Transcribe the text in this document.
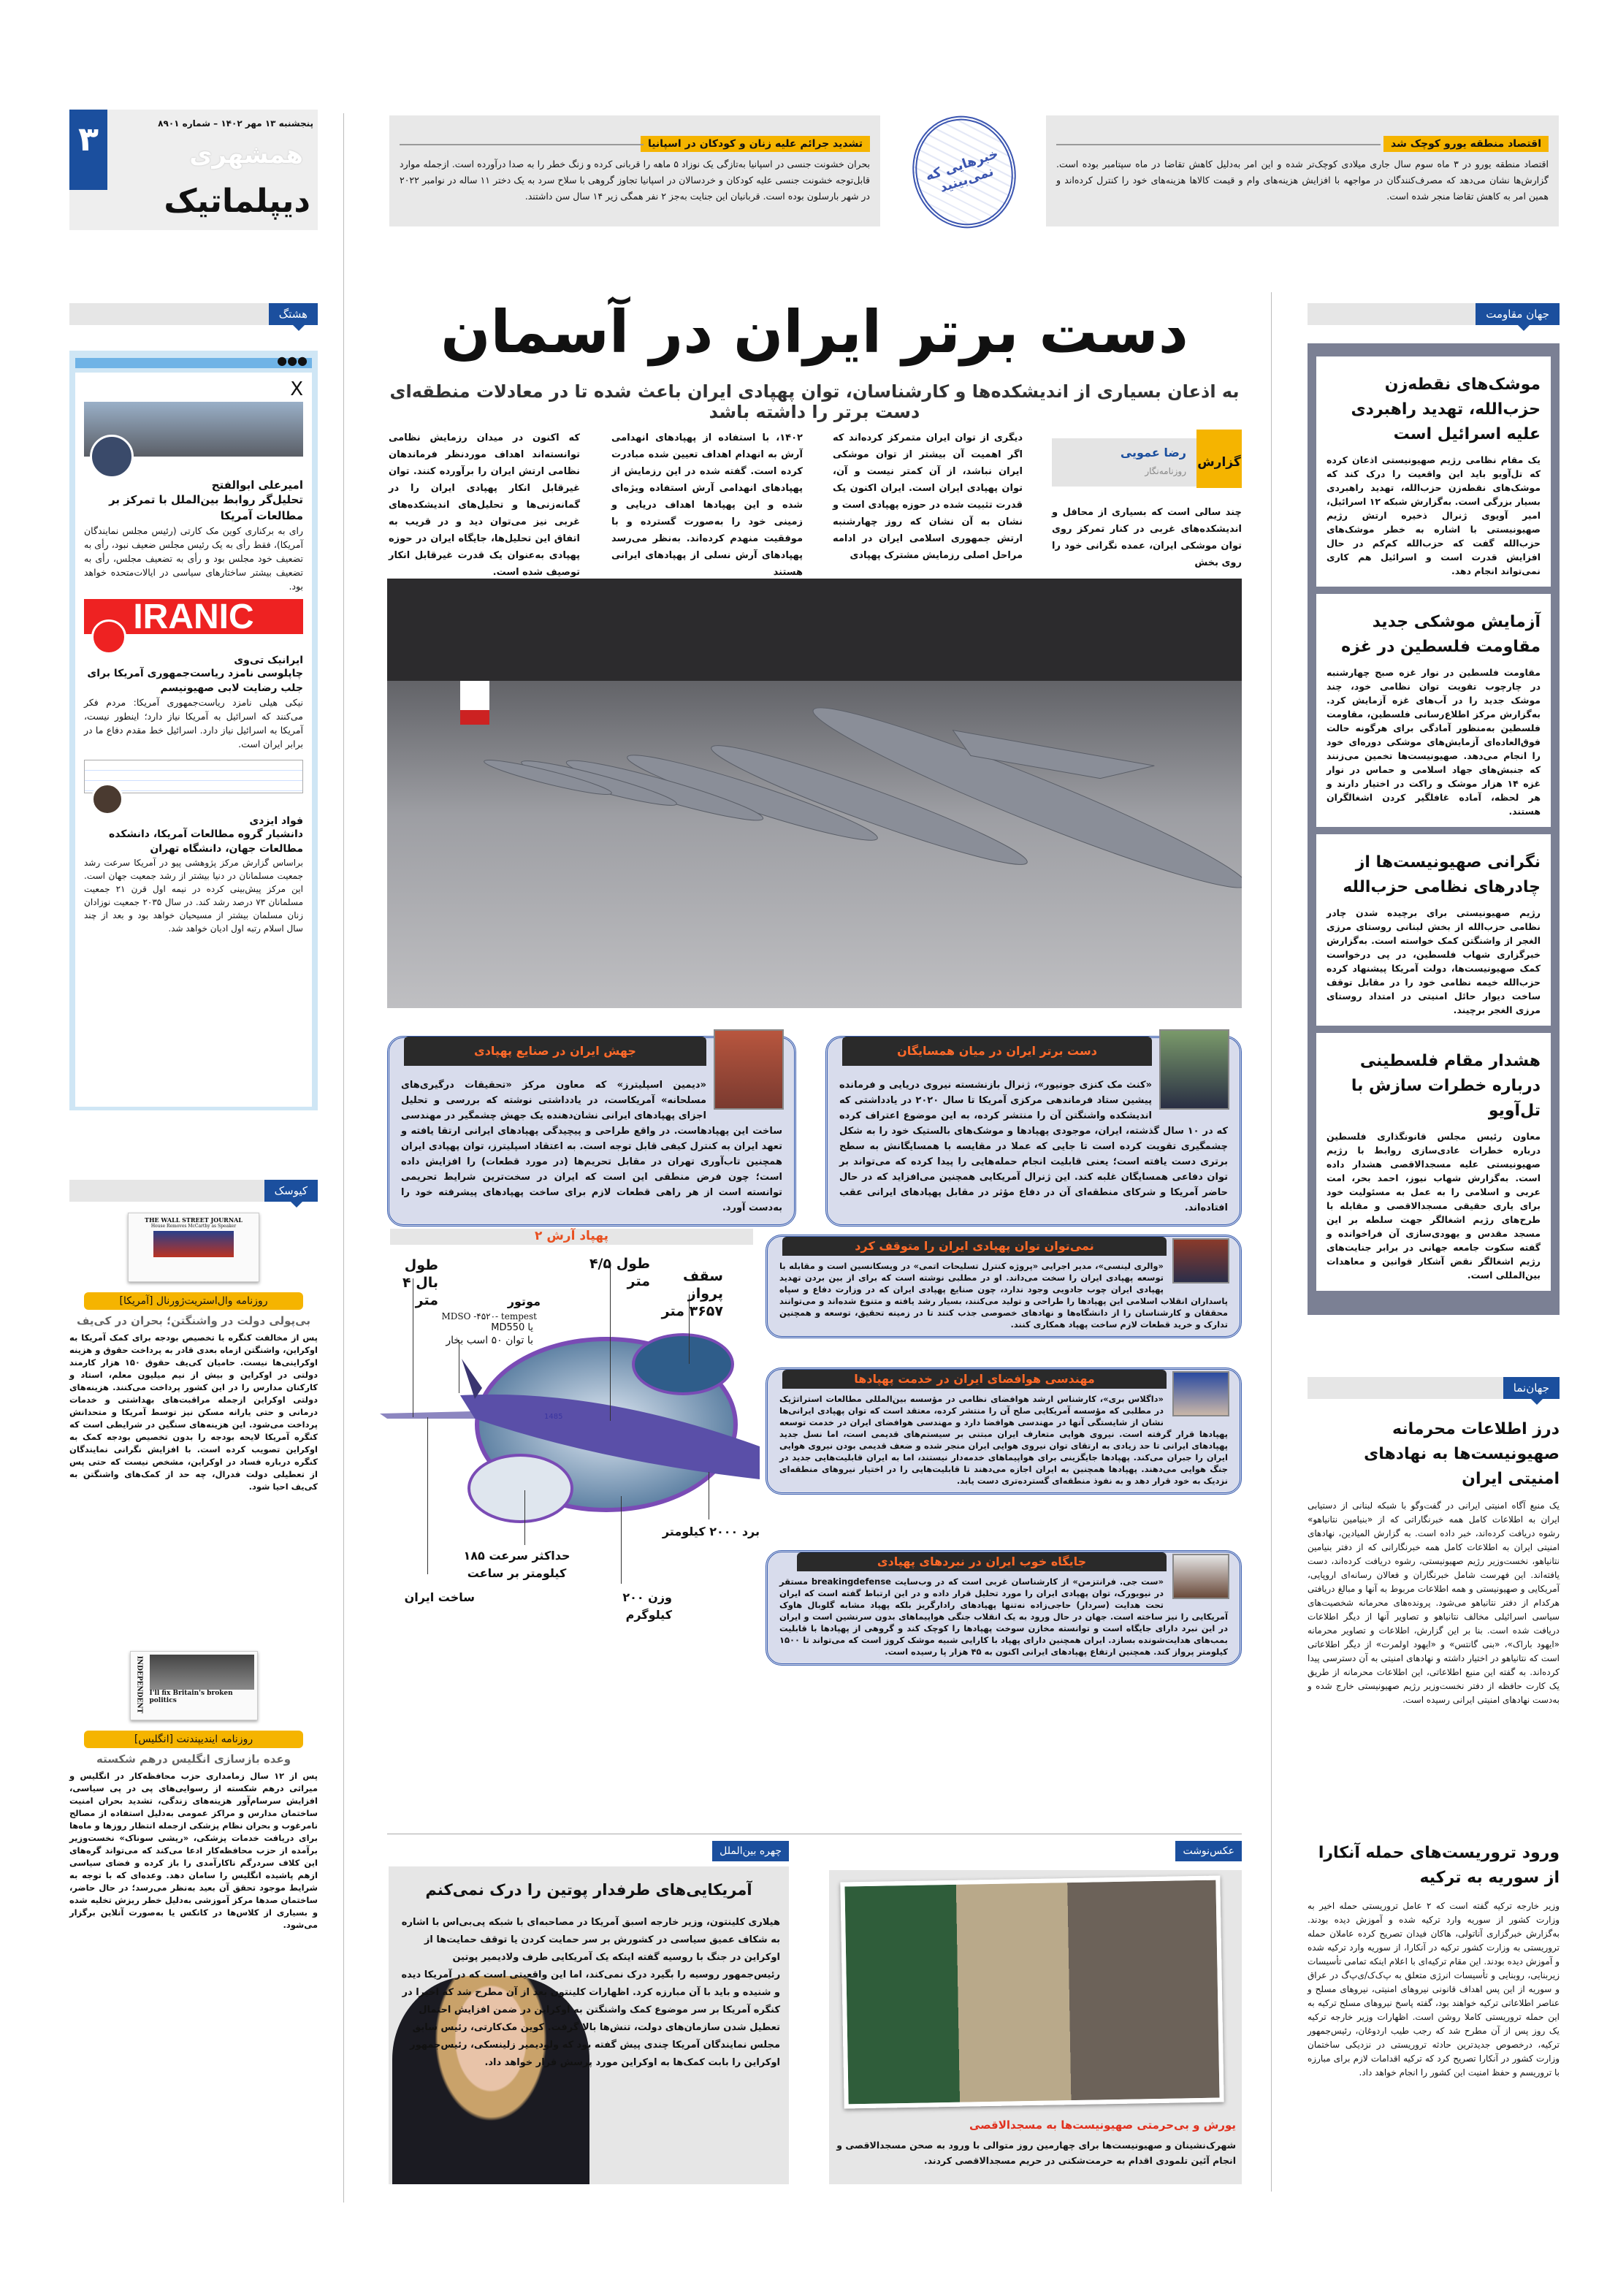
۳	پنجشنبه ۱۳ مهر ۱۴۰۲ – شماره ۸۹۰۱
همشهری
دیپلماتیک
اقتصاد منطقه یورو کوچک شد

اقتصاد منطقه یورو در ۳ ماه سوم سال جاری میلادی کوچک‌تر شده و این امر به‌دلیل کاهش تقاضا در ماه سپتامبر بوده است. گزارش‌ها نشان می‌دهد که مصرف‌کنندگان در مواجهه با افزایش هزینه‌های وام و قیمت کالاها هزینه‌های خود را کنترل کرده‌اند و همین امر به کاهش تقاضا منجر شده است.

خبرهایی که نمی‌بینید
تشدید جرائم علیه زنان و کودکان در اسپانیا

بحران خشونت جنسی در اسپانیا به‌تازگی یک نوزاد ۵ ماهه را قربانی کرده و زنگ خطر را به صدا درآورده است. ازجمله موارد قابل‌توجه خشونت جنسی علیه کودکان و خردسالان در اسپانیا تجاوز گروهی با سلاح سرد به یک دختر ۱۱ ساله در نوامبر ۲۰۲۲ در شهر بارسلون بوده است. قربانیان این جنایت به‌جز ۲ نفر همگی زیر ۱۴ سال سن داشتند.

دست برتر ایران در آسمان
به اذعان بسیاری از اندیشکده‌ها و کارشناسان، توان پهپادی ایران باعث شده تا در معادلات منطقه‌ای دست برتر را داشته باشد
گزارش
رضا عمویی
روزنامه‌نگار

چند سالی است که بسیاری از محافل و اندیشکده‌های غربی در کنار تمرکز روی توان موشکی ایران، عمده نگرانی خود را روی بخش

دیگری از توان ایران متمرکز کرده‌اند که اگر اهمیت آن بیشتر از توان موشکی ایران نباشد، از آن کمتر نیست و آن، توان پهپادی ایران است. ایران اکنون یک قدرت تثبیت شده در حوزه پهپادی است و نشان به آن نشان که روز چهارشنبه ارتش جمهوری اسلامی ایران در ادامه مراحل اصلی رزمایش مشترک پهپادی

۱۴۰۲، با استفاده از پهپادهای انهدامی آرش به انهدام اهداف تعیین شده مبادرت کرده است. گفته شده در این رزمایش از پهپادهای انهدامی آرش استفاده ویژه‌ای شده و این پهپادها اهداف دریایی و زمینی خود را به‌صورت گسترده و با موفقیت منهدم کرده‌اند. به‌نظر می‌رسد پهپادهای آرش نسلی از پهپادهای ایرانی هستند

که اکنون در میدان رزمایش نظامی توانسته‌اند اهداف موردنظر فرماندهان نظامی ارتش ایران را برآورده کنند. توان غیرقابل انکار پهپادی ایران را در گمانه‌زنی‌ها و تحلیل‌های اندیشکده‌های غربی نیز می‌توان دید و در قریب به اتفاق این تحلیل‌ها، جایگاه ایران در حوزه پهپادی به‌عنوان یک قدرت غیرقابل انکار توصیف شده است.

دست برتر ایران در میان همسایگان

«کنث مک کنزی جونیور»، ژنرال بازنشسته نیروی دریایی و فرمانده پیشین ستاد فرماندهی مرکزی آمریکا تا سال ۲۰۲۰ در یادداشتی که اندیشکده واشنگتن آن را منتشر کرده، به این موضوع اعتراف کرده که در ۱۰ سال گذشته، ایران، موجودی پهپادها و موشک‌های بالستیک خود را به شکل چشمگیری تقویت کرده است تا جایی که عملا در مقایسه با همسایگانش به سطح برتری دست یافته است؛ یعنی قابلیت انجام حمله‌هایی را پیدا کرده که می‌تواند بر توان دفاعی همسایگان غلبه کند. این ژنرال آمریکایی همچنین می‌افزاید که در حال حاضر آمریکا و شرکای منطقه‌ای آن در دفاع مؤثر در مقابل پهپادهای ایرانی عقب افتاده‌اند.

جهش ایران در صنایع پهپادی

«دیمین اسپلیترز» که معاون مرکز «تحقیقات درگیری‌های مسلحانه» آمریکاست، در یادداشتی نوشته که بررسی و تحلیل اجزای پهپادهای ایرانی نشان‌دهنده یک جهش چشمگیر در مهندسی ساخت این پهپادهاست. در واقع طراحی و پیچیدگی پهپادهای ایرانی ارتقا یافته و تعهد ایران به کنترل کیفی قابل توجه است. به اعتقاد اسپلیترز، توان پهپادی ایران همچنین تاب‌آوری تهران در مقابل تحریم‌ها (در مورد قطعات) را افزایش داده است؛ چون فرض منطقی این است که ایران در سخت‌ترین شرایط تحریمی توانسته است از هر راهی قطعات لازم برای ساخت پهپادهای پیشرفته خود را به‌دست آورد.

پهپاد آرش ۲
1485
طول بال ۴ متر
طول ۴/۵ متر	سقف پرواز ۳۶۵۷ متر
موتور
MDSO -۴۵۲۰- tempest
یا MD550
با توان ۵۰ اسب بخار
برد ۲۰۰۰ کیلومتر
حداکثر سرعت ۱۸۵ کیلومتر بر ساعت
وزن ۲۰۰ کیلوگرم
ساخت ایران
نمی‌توان توان پهپادی ایران را متوقف کرد

«والری لینسی»، مدیر اجرایی «پروژه کنترل تسلیحات اتمی» در ویسکانسین است و مقابله با توسعه پهپادی ایران را سخت می‌داند. او در مطلبی نوشته است که برای از بین بردن تهدید پهپادی ایران چوب جادویی وجود ندارد، چون صنایع پهپادی ایران که در وزارت دفاع و سپاه پاسداران انقلاب اسلامی این پهپادها را طراحی و تولید می‌کنند، بسیار رشد یافته و متنوع شده‌اند و می‌توانند محققان و کارشناسان را از دانشگاه‌ها و نهادهای خصوصی جذب کنند تا در زمینه تحقیق، توسعه و همچنین تدارک و خرید قطعات لازم ساخت پهپاد همکاری کنند.

مهندسی هوافضای ایران در خدمت پهپادها

«داگلاس بری»، کارشناس ارشد هوافضای نظامی در مؤسسه بین‌المللی مطالعات استراتژیک در مطلبی که مؤسسه آمریکایی صلح آن را منتشر کرده، معتقد است که توان پهپادی ایرانی‌ها نشان از شایستگی آنها در مهندسی هوافضا دارد و مهندسی هوافضای ایران در خدمت توسعه پهپادها قرار گرفته است. نیروی هوایی متعارف ایران مبتنی بر سیستم‌های قدیمی است، اما نسل جدید پهپادهای ایرانی تا حد زیادی به ارتقای توان نیروی هوایی ایران منجر شده و ضعف قدیمی بودن نیروی هوایی ایران را جبران می‌کند. پهپادها جایگزینی برای هواپیماهای خدمه‌دار نیستند، اما به ایران قابلیت‌هایی جدید در جنگ هوایی می‌دهند. پهپادها همچنین به ایران اجازه می‌دهند تا قابلیت‌هایی را در اختیار نیروهای منطقه‌ای نزدیک به خود قرار دهد و به نفوذ منطقه‌ای گسترده‌تری دست یابد.

جایگاه خوب ایران در نبردهای پهپادی

«ست جی. فرانتزمن» از کارشناسان غربی است که در وب‌سایت breakingdefense مستقر در نیویورک، توان پهپادی ایران را مورد تحلیل قرار داده و در این ارتباط گفته است که ایران تحت هدایت (سردار) حاجی‌زاده نه‌تنها پهپادهای رادارگریز بلکه پهپاد مشابه گلوبال هاوک آمریکایی را نیز ساخته است. جهان در حال ورود به یک انقلاب جنگی هواپیماهای بدون سرنشین است و ایران در این نبرد دارای جایگاه است و توانسته مخازن سوخت پهپادها را کوچک کند و گروهی از پهپادها با قابلیت بمب‌های هدایت‌شونده بسازد. ایران همچنین دارای پهپاد با کارایی شبیه موشک کروز است که می‌تواند تا ۱۵۰۰ کیلومتر پرواز کند. همچنین ارتفاع پهپادهای ایرانی اکنون به ۴۵ هزار پا رسیده است.

چهره بین‌الملل
آمریکایی‌های طرفدار پوتین را درک نمی‌کنم

هیلاری کلینتون، وزیر خارجه اسبق آمریکا در مصاحبه‌ای با شبکه پی‌بی‌اس با اشاره به شکاف عمیق سیاسی در کشورش بر سر حمایت کردن یا توقف حمایت‌ها از اوکراین در جنگ با روسیه گفته اینکه یک آمریکایی طرف ولادیمیر پوتین رئیس‌جمهور روسیه را بگیرد درک نمی‌کند، اما این واقعیتی است که در آمریکا دیده و شنیده و باید با آن مبارزه کرد. اظهارات کلینتون بعد از آن مطرح شد که اخیرا در کنگره آمریکا بر سر موضوع کمک واشنگتن به اوکراین در ضمن افزایش احتمال تعطیل شدن سازمان‌های دولت، تنش‌ها بالا گرفت. کوین مک‌کارتی، رئیس سابق مجلس نمایندگان آمریکا چندی پیش گفته بود که ولودیمیر زلینسکی، رئیس‌جمهور اوکراین را بابت کمک‌ها به اوکراین مورد پرسش قرار خواهد داد.

عکس‌نوشت
یورش و بی‌حرمتی صهیونیست‌ها به مسجدالاقصی

شهرک‌نشینان و صهیونیست‌ها برای چهارمین روز متوالی با ورود به صحن مسجدالاقصی و انجام آئین تلمودی اقدام به حرمت‌شکنی در حریم مسجدالاقصی کردند.

هشتگ
●●●
X
امیرعلی ابوالفتح
تحلیل‌گر روابط بین‌الملل با تمرکز بر مطالعات آمریکا

رای به برکناری کوین مک کارتی (رئیس مجلس نمایندگان آمریکا)، فقط رأی به یک رئیس مجلس ضعیف نبود، رأی به تضعیف خود مجلس بود و رأی به تضعیف مجلس، رأی به تضعیف بیشتر ساختارهای سیاسی در ایالات‌متحده خواهد بود.

IRANIC
ایرانیک تی‌وی
چاپلوسی نامزد ریاست‌جمهوری آمریکا برای جلب رضایت لابی صهیونیسم

نیکی هیلی نامزد ریاست‌جمهوری آمریکا: مردم فکر می‌کنند که اسرائیل به آمریکا نیاز دارد؛ اینطور نیست، آمریکا به اسرائیل نیاز دارد. اسرائیل خط مقدم دفاع ما در برابر ایران است.

فواد ایزدی
دانشیار گروه مطالعات آمریکا، دانشکده مطالعات جهان، دانشگاه تهران

براساس گزارش مرکز پژوهشی پیو در آمریکا سرعت رشد جمعیت مسلمانان در دنیا بیشتر از رشد جمعیت جهان است. این مرکز پیش‌بینی کرده در نیمه اول قرن ۲۱ جمعیت مسلمانان ۷۳ درصد رشد کند. در سال ۲۰۳۵ جمعیت نوزادان زنان مسلمان بیشتر از مسیحیان خواهد بود و بعد از چند سال اسلام رتبه اول ادیان خواهد شد.

کیوسک
THE WALL STREET JOURNAL
House Removes McCarthy as Speaker
روزنامه وال‌استریت‌ژورنال [آمریکا]
بی‌پولی دولت در واشنگتن؛ بحران در کی‌یف

پس از مخالفت کنگره با تخصیص بودجه برای کمک آمریکا به اوکراین، واشنگتن ازماه بعدی قادر به پرداخت حقوق و هزینه اوکراینی‌ها نیست. حامیان کی‌یف حقوق ۱۵۰ هزار کارمند دولتی در اوکراین و بیش از نیم میلیون معلم، استاد و کارکنان مدارس را در این کشور پرداخت می‌کنند. هزینه‌های دولتی اوکراین ازجمله مراقبت‌های بهداشتی و خدمات درمانی و حتی یارانه مسکن نیز توسط آمریکا و متحدانش پرداخت می‌شود. این هزینه‌های سنگین در شرایطی است که کنگره آمریکا لایحه بودجه را بدون تخصیص بودجه کمک به اوکراین تصویب کرده است. با افزایش نگرانی نمایندگان کنگره درباره فساد در اوکراین، مشخص نیست که حتی پس از تعطیلی دولت فدرال، چه حد از کمک‌های واشنگتن به کی‌یف احیا شود.

INDEPENDENT I'll fix Britain's broken politics
روزنامه ایندیپندنت [انگلیس]
وعده بازسازی انگلیس درهم شکسته

پس از ۱۲ سال زمامداری حزب محافظه‌کار در انگلیس و میراثی درهم شکسته از رسوایی‌های پی در پی سیاسی، افزایش سرسام‌آور هزینه‌های زندگی، تشدید بحران امنیت ساختمان مدارس و مراکز عمومی به‌دلیل استفاده از مصالح نامرغوب و بحران نظام پزشکی ازجمله انتظار روزها و ماه‌ها برای دریافت خدمات پزشکی، «ریشی سوناک» نخست‌وزیر برآمده از حزب محافظه‌کار ادعا می‌کند که می‌تواند گره‌های این کلاف سردرگم ناکارآمدی را باز کرده و فضای سیاسی ازهم پاشیده انگلیس را سامان دهد. وعده‌ای که با توجه به شرایط موجود تحقق آن بعید به‌نظر می‌رسد؛ در حال حاضر، ساختمان صدها مرکز آموزشی به‌دلیل خطر ریزش تخلیه شده و بسیاری از کلاس‌ها در کانکس یا به‌صورت آنلاین برگزار می‌شود.

جهان مقاومت
موشک‌های نقطه‌زن حزب‌الله، تهدید راهبردی علیه اسرائیل است

یک مقام نظامی رژیم صهیونیستی اذعان کرده که تل‌آویو باید این واقعیت را درک کند که موشک‌های نقطه‌زن حزب‌الله، تهدید راهبردی بسیار بزرگی است. به‌گزارش شبکه ۱۲ اسرائیل، امیر آویوی ژنرال ذخیره ارتش رژیم صهیونیستی با اشاره به خطر موشک‌های حزب‌الله گفت که حزب‌الله کم‌کم در حال افزایش قدرت است و اسرائیل هم کاری نمی‌تواند انجام دهد.

آزمایش موشکی جدید مقاومت فلسطین در غزه

مقاومت فلسطین در نوار غزه صبح چهارشنبه در چارچوب تقویت توان نظامی خود، چند موشک جدید را در آب‌های غزه آزمایش کرد. به‌گزارش مرکز اطلاع‌رسانی فلسطین، مقاومت فلسطین به‌منظور آمادگی برای هرگونه حالت فوق‌العاده‌ای آزمایش‌های موشکی دوره‌ای خود را انجام می‌دهد. صهیونیست‌ها تخمین می‌زنند که جنبش‌های جهاد اسلامی و حماس در نوار غزه ۱۴ هزار موشک و راکت در اختیار دارند و هر لحظه، آماده غافلگیر کردن اشغالگران هستند.

نگرانی صهیونیست‌ها از چادرهای نظامی حزب‌الله

رژیم صهیونیستی برای برچیده شدن چادر نظامی حزب‌الله از بخش لبنانی روستای مرزی الغجر از واشنگتن کمک خواسته است. به‌گزارش خبرگزاری شهاب فلسطین، در پی درخواست کمک صهیونیست‌ها، دولت آمریکا پیشنهاد کرده حزب‌الله خیمه نظامی خود را در مقابل توقف ساخت دیوار حائل امنیتی در امتداد روستای مرزی الغجر برچیند.

هشدار مقام فلسطینی درباره خطرات سازش با تل‌آویو

معاون رئیس مجلس قانونگذاری فلسطین درباره خطرات عادی‌سازی روابط با رژیم صهیونیستی علیه مسجدالاقصی هشدار داده است. به‌گزارش شهاب نیوز، احمد بحر، امت عربی و اسلامی را به عمل به مسئولیت خود برای یاری حقیقی مسجدالاقصی و مقابله با طرح‌های رژیم اشغالگر جهت سلطه بر این مسجد مقدس و یهودی‌سازی آن فراخوانده و گفته سکوت جامعه جهانی در برابر جنایت‌های رژیم اشغالگر نقض آشکار قوانین و معاهدات بین‌المللی است.

جهان‌نما
درز اطلاعات محرمانه صهیونیست‌ها به نهادهای امنیتی ایران

یک منبع آگاه امنیتی ایرانی در گفت‌وگو با شبکه لبنانی از دستیابی ایران به اطلاعات کامل همه خبرنگاراتی که از «بنیامین نتانیاهو» رشوه دریافت کرده‌اند، خبر داده است. به گزارش المیادین، نهادهای امنیتی ایران به اطلاعات کامل همه خبرنگارانی که از دفتر بنیامین نتانیاهو، نخست‌وزیر رژیم صهیونیستی، رشوه دریافت کرده‌اند، دست یافته‌اند. این فهرست شامل خبرنگاران و فعالان رسانه‌ای اروپایی، آمریکایی و صهیونیستی و همه اطلاعات مربوط به آنها و مبالغ دریافتی هرکدام از دفتر نتانیاهو می‌شود. پرونده‌های محرمانه شخصیت‌های سیاسی اسرائیلی مخالف نتانیاهو و تصاویر آنها از دیگر اطلاعات دریافت شده است. بنا بر این گزارش، اطلاعات و تصاویر محرمانه «ایهود باراک»، «بنی گانتس» و «ایهود اولمرت» از دیگر اطلاعاتی است که نتانیاهو در اختیار داشته و نهادهای امنیتی به آن دسترسی پیدا کرده‌اند. به گفته این منبع اطلاعاتی، این اطلاعات محرمانه از طریق یک کارت حافظه از دفتر نخست‌وزیر رژیم صهیونیستی خارج شده و به‌دست نهادهای امنیتی ایرانی رسیده است.

ورود تروریست‌های حمله آنکارا از سوریه به ترکیه

وزیر خارجه ترکیه گفته است که ۲ عامل تروریستی حمله اخیر به وزارت کشور از سوریه وارد ترکیه شده و آموزش دیده بودند. به‌گزارش خبرگزاری آناتولی، هاکان فیدان تصریح کرده عاملان حمله تروریستی به وزارت کشور ترکیه در آنکارا، از سوریه وارد ترکیه شده و آموزش دیده بودند. این مقام ترکیه‌ای با اعلام اینکه تمامی تأسیسات زیربنایی، روبنایی و تأسیسات انرژی متعلق به پ‌ک‌ک/ی‌پ‌گ در عراق و سوریه از این پس اهداف قانونی نیروهای امنیتی، نیروهای مسلح و عناصر اطلاعاتی ترکیه خواهند بود، گفته پاسخ نیروهای مسلح ترکیه به این حمله تروریستی کاملا روشن است. اظهارات وزیر خارجه ترکیه یک روز پس از آن مطرح شد که رجب طیب اردوغان، رئیس‌جمهور ترکیه، درخصوص جدیدترین حادثه تروریستی در نزدیکی ساختمان وزارت کشور در آنکارا تصریح کرد که ترکیه اقدامات لازم برای مبارزه با تروریسم و حفظ امنیت این کشور را انجام خواهد داد.
